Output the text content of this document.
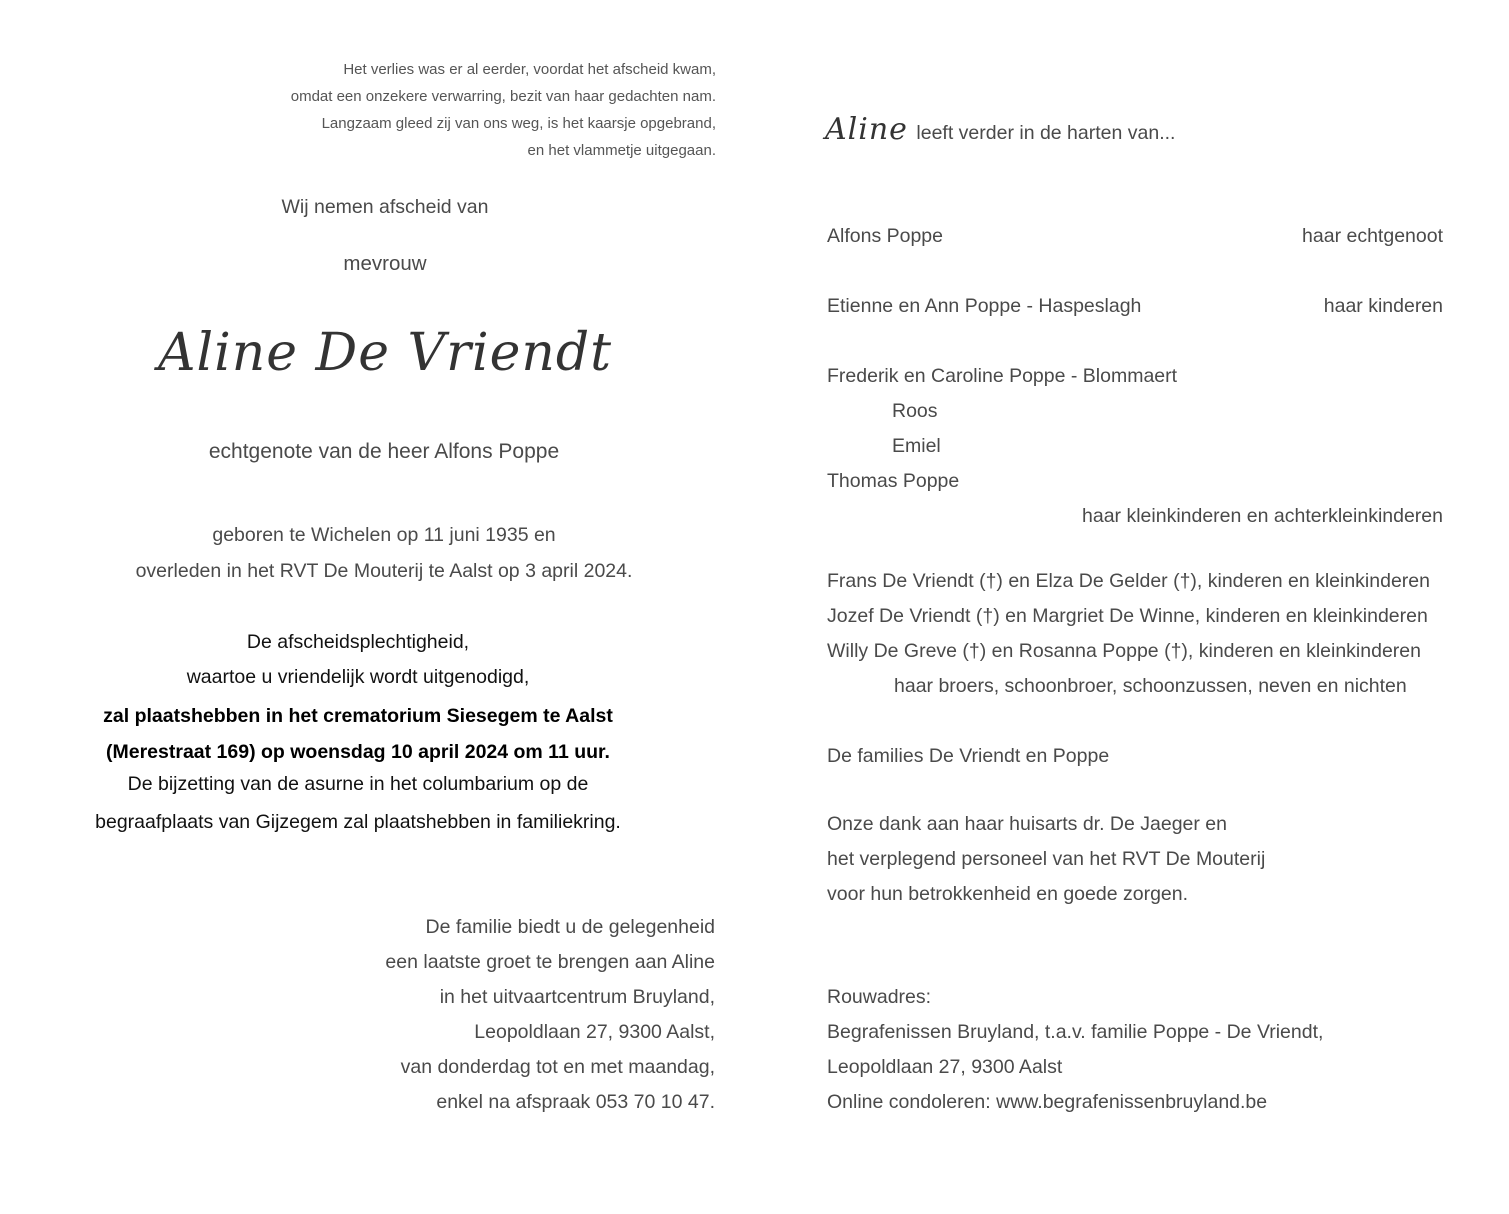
Het verlies was er al eerder, voordat het afscheid kwam,

omdat een onzekere verwarring, bezit van haar gedachten nam.

Langzaam gleed zij van ons weg, is het kaarsje opgebrand,

en het vlammetje uitgegaan.

Wij nemen afscheid van

mevrouw

Aline De Vriendt

echtgenote van de heer Alfons Poppe

geboren te Wichelen op 11 juni 1935 en

overleden in het RVT De Mouterij te Aalst op 3 april 2024.

De afscheidsplechtigheid,

waartoe u vriendelijk wordt uitgenodigd,

zal plaatshebben in het crematorium Siesegem te Aalst

(Merestraat 169) op woensdag 10 april 2024 om 11 uur.

De bijzetting van de asurne in het columbarium op de

begraafplaats van Gijzegem zal plaatshebben in familiekring.

De familie biedt u de gelegenheid

een laatste groet te brengen aan Aline

in het uitvaartcentrum Bruyland,

Leopoldlaan 27, 9300 Aalst,

van donderdag tot en met maandag,

enkel na afspraak 053 70 10 47.

Aline leeft verder in de harten van...

Alfons Poppe	haar echtgenoot

Etienne en Ann Poppe - Haspeslagh	haar kinderen

Frederik en Caroline Poppe - Blommaert

Roos

Emiel

Thomas Poppe

haar kleinkinderen en achterkleinkinderen

Frans De Vriendt (†) en Elza De Gelder (†), kinderen en kleinkinderen

Jozef De Vriendt (†) en Margriet De Winne, kinderen en kleinkinderen

Willy De Greve (†) en Rosanna Poppe (†), kinderen en kleinkinderen

haar broers, schoonbroer, schoonzussen, neven en nichten

De families De Vriendt en Poppe

Onze dank aan haar huisarts dr. De Jaeger en

het verplegend personeel van het RVT De Mouterij

voor hun betrokkenheid en goede zorgen.

Rouwadres:

Begrafenissen Bruyland, t.a.v. familie Poppe - De Vriendt,

Leopoldlaan 27, 9300 Aalst

Online condoleren: www.begrafenissenbruyland.be
